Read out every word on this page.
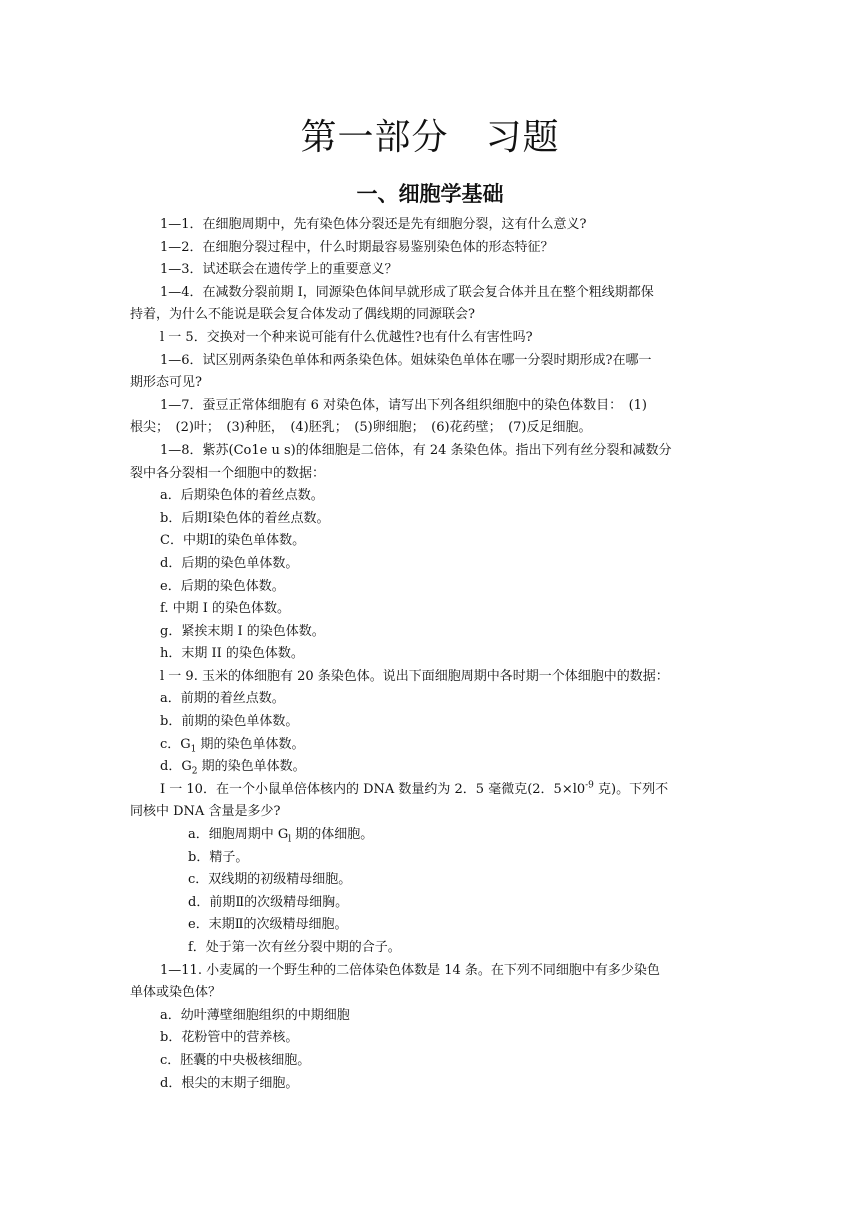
第一部分　习题
一、细胞学基础

1—1．在细胞周期中，先有染色体分裂还是先有细胞分裂，这有什么意义?

1—2．在细胞分裂过程中，什么时期最容易鉴别染色体的形态特征？

1—3．试述联会在遗传学上的重要意义？

1—4．在减数分裂前期 I，同源染色体间早就形成了联会复合体并且在整个粗线期都保

持着，为什么不能说是联会复合体发动了偶线期的同源联会?

l 一 5．交换对一个种来说可能有什么优越性?也有什么有害性吗?

1—6．试区别两条染色单体和两条染色体。姐妹染色单体在哪一分裂时期形成?在哪一

期形态可见?

1—7．蚕豆正常体细胞有 6 对染色体，请写出下列各组织细胞中的染色体数目：　(1)

根尖；　(2)叶；　(3)种胚，　(4)胚乳；　(5)卵细胞；　(6)花药壁；　(7)反足细胞。

1—8．紫苏(Co1e u s)的体细胞是二倍体，有 24 条染色体。指出下列有丝分裂和减数分

裂中各分裂相一个细胞中的数据：

a．后期染色体的着丝点数。

b．后期Ⅰ染色体的着丝点数。

C．中期Ⅰ的染色单体数。

d．后期的染色单体数。

e．后期的染色体数。

f. 中期 I 的染色体数。

g．紧挨末期 I 的染色体数。

h．末期 II 的染色体数。

l 一 9. 玉米的体细胞有 20 条染色体。说出下面细胞周期中各时期一个体细胞中的数据：

a．前期的着丝点数。

b．前期的染色单体数。

c．$G_1$ 期的染色单体数。

d．$G_2$ 期的染色单体数。

I 一 10．在一个小鼠单倍体核内的 DNA 数量约为 2．5 毫微克(2．$5\times l0^{-9}$ 克)。下列不

同核中 DNA 含量是多少?

a．细胞周期中 $G_l$ 期的体细胞。

b．精子。

c．双线期的初级精母细胞。

d．前期Ⅱ的次级精母细胸。

e．末期Ⅱ的次级精母细胞。

f．处于第一次有丝分裂中期的合子。

1—11. 小麦属的一个野生种的二倍体染色体数是 14 条。在下列不同细胞中有多少染色

单体或染色体？

a．幼叶薄壁细胞组织的中期细胞

b．花粉管中的营养核。

c．胚囊的中央极核细胞。

d．根尖的末期子细胞。
